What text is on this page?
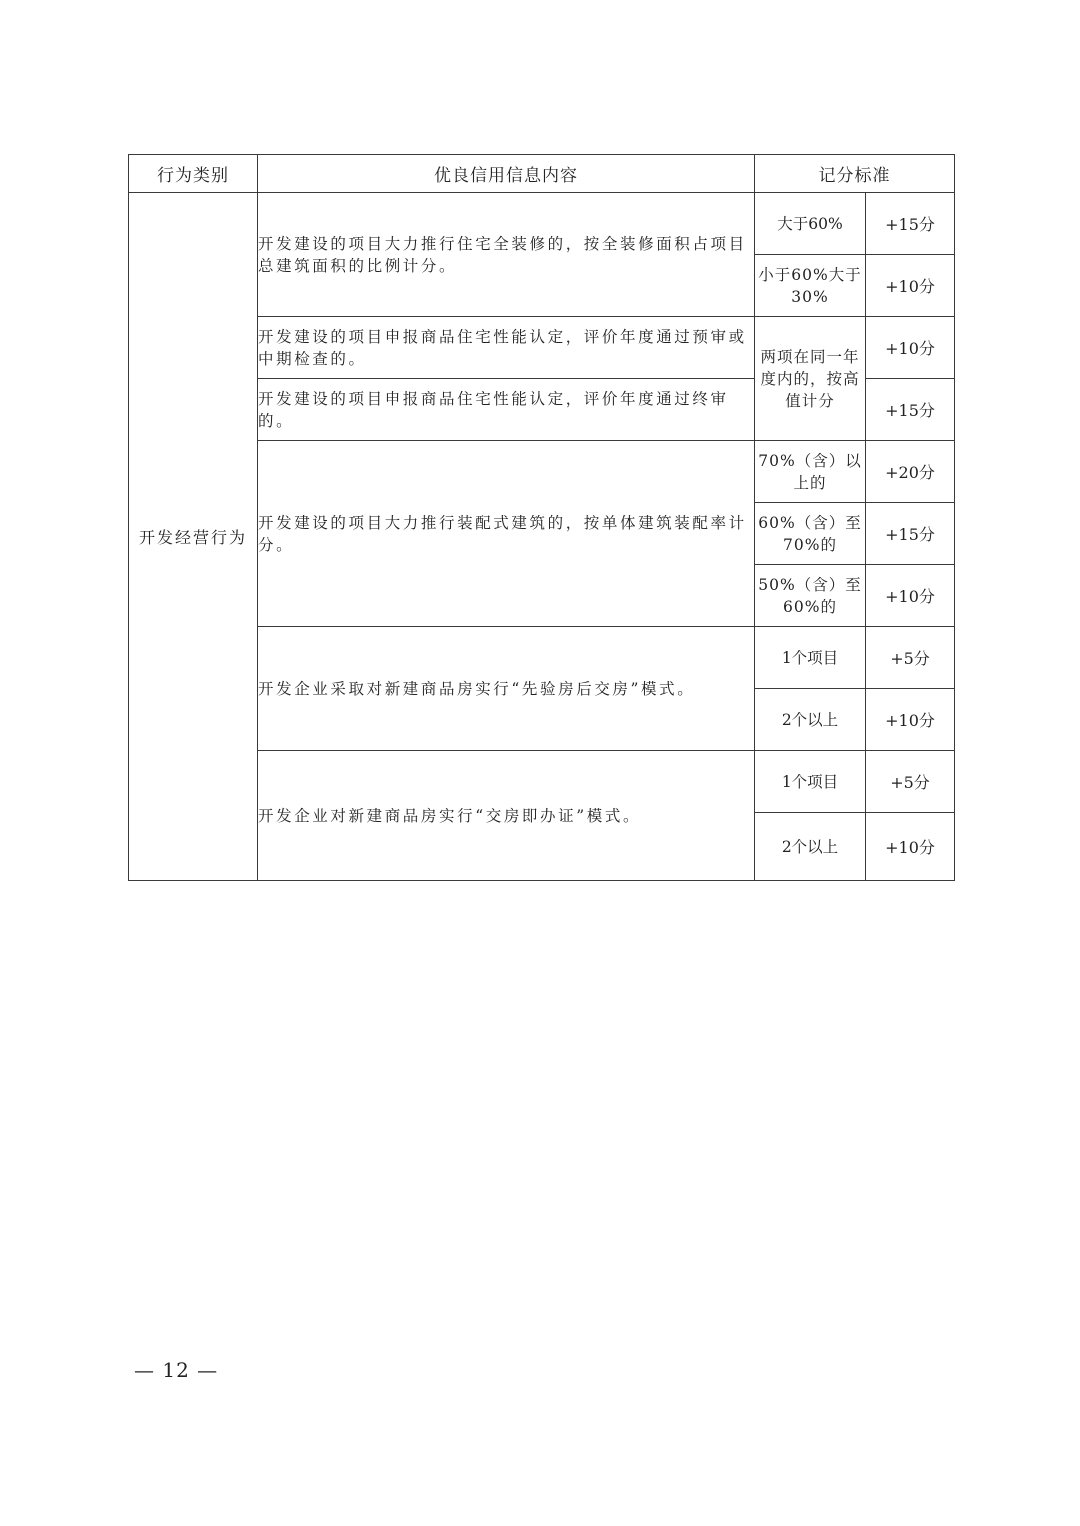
行为类别	优良信用信息内容	记分标准	
开发经营行为	开发建设的项目大力推行住宅全装修的，按全装修面积占项目总建筑面积的比例计分。	大于60%	+15分
		小于60%大于30%	+10分
	开发建设的项目申报商品住宅性能认定，评价年度通过预审或中期检查的。	两项在同一年度内的，按高值计分	+10分
	开发建设的项目申报商品住宅性能认定，评价年度通过终审的。		+15分
	开发建设的项目大力推行装配式建筑的，按单体建筑装配率计分。	70%（含）以上的	+20分
		60%（含）至70%的	+15分
		50%（含）至60%的	+10分
	开发企业采取对新建商品房实行“先验房后交房”模式。	1个项目	+5分
		2个以上	+10分
	开发企业对新建商品房实行“交房即办证”模式。	1个项目	+5分
		2个以上	+10分
— 12 —
